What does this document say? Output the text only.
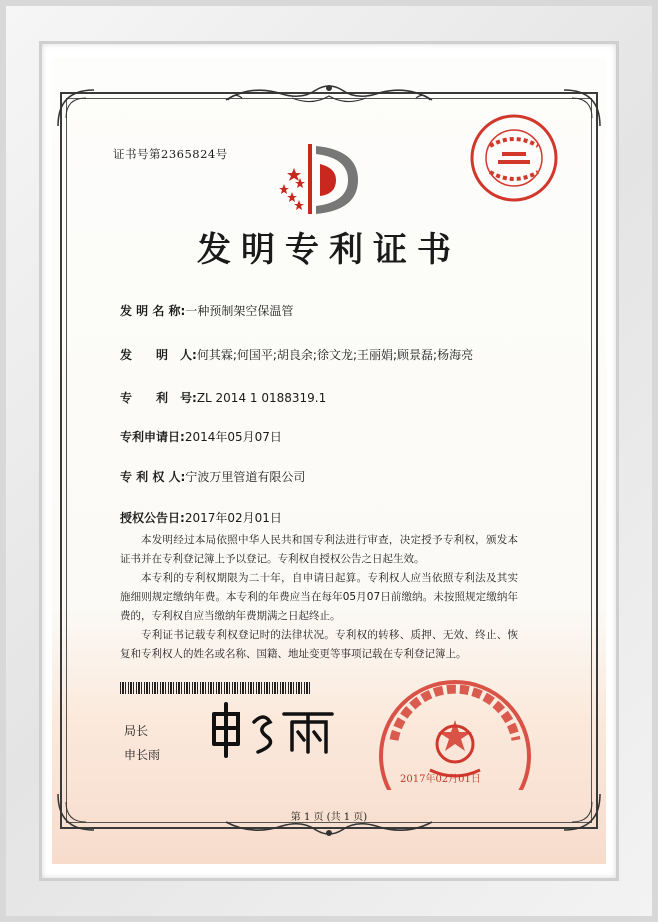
证书号第2365824号
发明专利证书
发 明 名 称:一种预制架空保温管
发　　明　人:何其霖;何国平;胡良余;徐文龙;王丽娟;顾景磊;杨海亮
专　　利　号:ZL 2014 1 0188319.1
专利申请日:2014年05月07日
专 利 权 人:宁波万里管道有限公司
授权公告日:2017年02月01日

本发明经过本局依照中华人民共和国专利法进行审查，决定授予专利权，颁发本证书并在专利登记簿上予以登记。专利权自授权公告之日起生效。

本专利的专利权期限为二十年，自申请日起算。专利权人应当依照专利法及其实施细则规定缴纳年费。本专利的年费应当在每年05月07日前缴纳。未按照规定缴纳年费的，专利权自应当缴纳年费期满之日起终止。

专利证书记载专利权登记时的法律状况。专利权的转移、质押、无效、终止、恢复和专利权人的姓名或名称、国籍、地址变更等事项记载在专利登记簿上。

局长
申长雨
2017年02月01日
第 1 页 (共 1 页)
